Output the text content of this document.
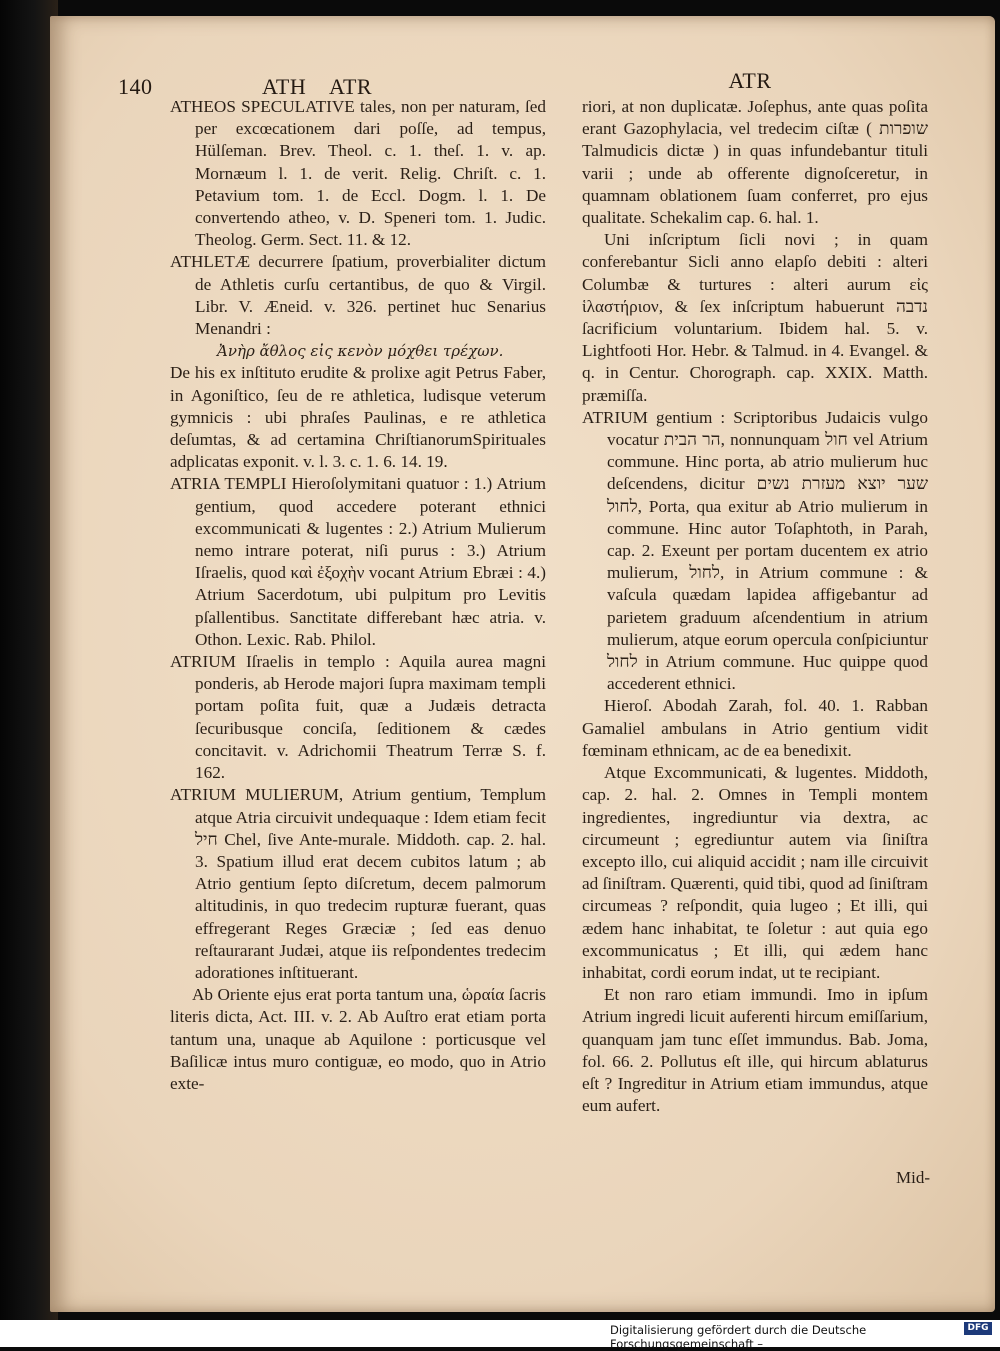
140	ATH    ATR	ATR

ATHEOS SPECULATIVE tales, non per naturam, ſed per excœcationem dari poſſe, ad tempus, Hülſeman. Brev. Theol. c. 1. theſ. 1. v. ap. Mornæum l. 1. de verit. Relig. Chriſt. c. 1. Petavium tom. 1. de Eccl. Dogm. l. 1. De convertendo atheo, v. D. Speneri tom. 1. Judic. Theolog. Germ. Sect. 11. & 12.

ATHLETÆ decurrere ſpatium, proverbialiter dictum de Athletis curſu certantibus, de quo & Virgil. Libr. V. Æneid. v. 326. pertinet huc Senarius Menandri :

Ἀνὴρ ἄθλος εἰς κενὸν μόχθει τρέχων.

De his ex inſtituto erudite & prolixe agit Petrus Faber, in Agoniſtico, ſeu de re athletica, ludisque veterum gymnicis : ubi phraſes Paulinas, e re athletica deſumtas, & ad certamina ChriſtianorumSpirituales adplicatas exponit. v. l. 3. c. 1. 6. 14. 19.

ATRIA TEMPLI Hieroſolymitani quatuor : 1.) Atrium gentium, quod accedere poterant ethnici excommunicati & lugentes : 2.) Atrium Mulierum nemo intrare poterat, niſi purus : 3.) Atrium Iſraelis, quod καὶ ἐξοχὴν vocant Atrium Ebræi : 4.) Atrium Sacerdotum, ubi pulpitum pro Levitis pſallentibus. Sanctitate differebant hæc atria. v. Othon. Lexic. Rab. Philol.

ATRIUM Iſraelis in templo : Aquila aurea magni ponderis, ab Herode majori ſupra maximam templi portam poſita fuit, quæ a Judæis detracta ſecuribusque conciſa, ſeditionem & cædes concitavit. v. Adrichomii Theatrum Terræ S. f. 162.

ATRIUM MULIERUM, Atrium gentium, Templum atque Atria circuivit undequaque : Idem etiam fecit חיל Chel, ſive Ante-murale. Middoth. cap. 2. hal. 3. Spatium illud erat decem cubitos latum ; ab Atrio gentium ſepto diſcretum, decem palmorum altitudinis, in quo tredecim rupturæ fuerant, quas effregerant Reges Græciæ ; ſed eas denuo reſtaurarant Judæi, atque iis reſpondentes tredecim adorationes inſtituerant.

Ab Oriente ejus erat porta tantum una, ὡραία ſacris literis dicta, Act. III. v. 2. Ab Auſtro erat etiam porta tantum una, unaque ab Aquilone : porticusque vel Baſilicæ intus muro contiguæ, eo modo, quo in Atrio exte-

riori, at non duplicatæ. Joſephus, ante quas poſita erant Gazophylacia, vel tredecim ciſtæ ( שופרות Talmudicis dictæ ) in quas infundebantur tituli varii ; unde ab offerente dignoſceretur, in quamnam oblationem ſuam conferret, pro ejus qualitate. Schekalim cap. 6. hal. 1.

Uni inſcriptum ſicli novi ; in quam conferebantur Sicli anno elapſo debiti : alteri Columbæ & turtures : alteri aurum εἰς ἱλαστήριον, & ſex inſcriptum habuerunt נדבה ſacrificium voluntarium. Ibidem hal. 5. v. Lightfooti Hor. Hebr. & Talmud. in 4. Evangel. & q. in Centur. Chorograph. cap. XXIX. Matth. præmiſſa.

ATRIUM gentium : Scriptoribus Judaicis vulgo vocatur הר הבית, nonnunquam חול vel Atrium commune. Hinc porta, ab atrio mulierum huc deſcendens, dicitur שער יוצא מעזרת נשים לחול, Porta, qua exitur ab Atrio mulierum in commune. Hinc autor Toſaphtoth, in Parah, cap. 2. Exeunt per portam ducentem ex atrio mulierum, לחול, in Atrium commune : & vaſcula quædam lapidea affigebantur ad parietem graduum aſcendentium in atrium mulierum, atque eorum opercula conſpiciuntur לחול in Atrium commune. Huc quippe quod accederent ethnici.

Hieroſ. Abodah Zarah, fol. 40. 1. Rabban Gamaliel ambulans in Atrio gentium vidit fœminam ethnicam, ac de ea benedixit.

Atque Excommunicati, & lugentes. Middoth, cap. 2. hal. 2. Omnes in Templi montem ingredientes, ingrediuntur via dextra, ac circumeunt ; egrediuntur autem via ſiniſtra excepto illo, cui aliquid accidit ; nam ille circuivit ad ſiniſtram. Quærenti, quid tibi, quod ad ſiniſtram circumeas ? reſpondit, quia lugeo ; Et illi, qui ædem hanc inhabitat, te ſoletur : aut quia ego excommunicatus ; Et illi, qui ædem hanc inhabitat, cordi eorum indat, ut te recipiant.

Et non raro etiam immundi. Imo in ipſum Atrium ingredi licuit auferenti hircum emiſſarium, quanquam jam tunc eſſet immundus. Bab. Joma, fol. 66. 2. Pollutus eſt ille, qui hircum ablaturus eſt ? Ingreditur in Atrium etiam immundus, atque eum aufert.

Mid-
Digitalisierung gefördert durch die Deutsche Forschungsgemeinschaft –
DFG
